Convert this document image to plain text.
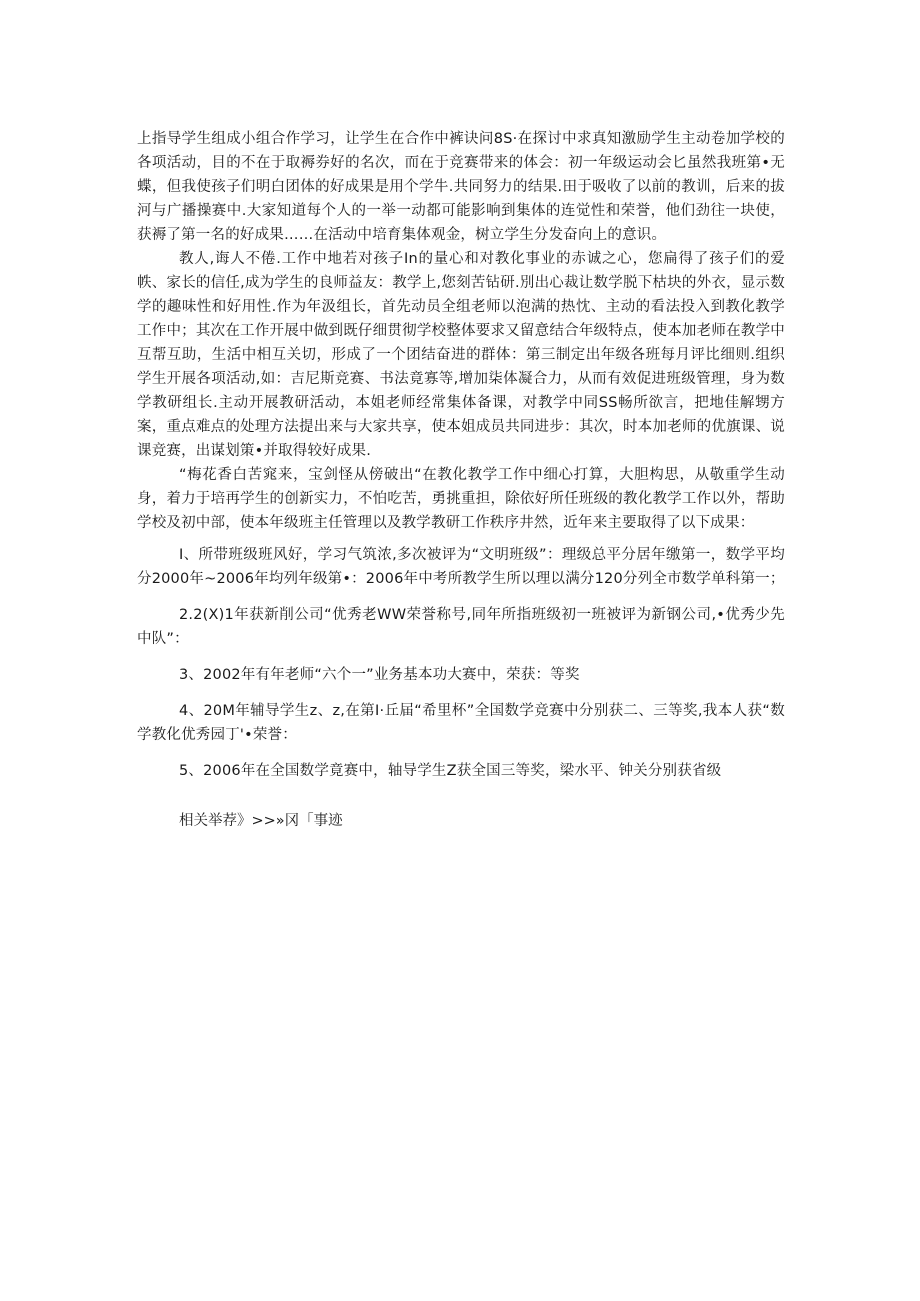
上指导学生组成小组合作学习，让学生在合作中裤诀问8S·在探讨中求真知激励学生主动卷加学校的各项活动，目的不在于取褥券好的名次，而在于竞赛带来的体会：初一年级运动会匕虽然我班第•无蝶，但我使孩子们明白团体的好成果是用个学牛.共同努力的结果.田于吸收了以前的教训，后来的拔河与广播操赛中.大家知道每个人的一举一动都可能影响到集体的连觉性和荣誉，他们劲往一块使，获褥了第一名的好成果……在活动中培育集体观金，树立学生分发奋向上的意识。

教人,诲人不倦.工作中地若对孩子In的量心和对教化事业的赤诚之心，您扁得了孩子们的爱帙、家长的信任,成为学生的良师益友：教学上,您刻苦钻研.別出心裁让数学脱下枯块的外衣，显示数学的趣味性和好用性.作为年汲组长，首先动员全组老师以泡满的热忱、主动的看法投入到教化教学工作中；其次在工作开展中做到既仔细贯彻学校整体要求又留意结合年级特点，使本加老师在教学中互帮互助，生活中相互关切，形成了一个团结奋进的群体：第三制定出年级各班每月评比细则.组织学生开展各项活动,如：吉尼斯竞赛、书法竟寡等,增加柒体凝合力，从而有效促进班级管理，身为数学教研组长.主动开展教研活动，本姐老师经常集体备课，对教学中同SS畅所欲言，把地佳解甥方案，重点难点的处理方法提出来与大家共享，使本姐成员共同进步：其次，时本加老师的优旗课、说课竞赛，出谋划策•并取得较好成果.

“梅花香白苦窕来，宝剑怪从傍破出“在教化教学工作中细心打算，大胆构思，从敬重学生动身，着力于培再学生的创新实力，不怕吃苦，勇挑重担，除依好所任班级的教化教学工作以外，帮助学校及初中部，使本年级班主任管理以及教学教研工作秩序井然，近年来主要取得了以下成果：

I、所带班级班风好，学习气筑浓,多次被评为“文明班级”：理级总平分居年缴第一，数学平均分2000年~2006年均列年级第•：2006年中考所教学生所以理以满分120分列全市数学单科第一；

2.2(X)1年获新削公司“优秀老WW荣誉称号,同年所指班级初一班被评为新钢公司,•优秀少先中队”：

3、2002年有年老师“六个一”业务基本功大赛中，荣获：等奖

4、20M年辅导学生z、z,在第I·丘届“希里杯”全国数学竞赛中分别获二、三等奖,我本人获“数学教化优秀园丁'•荣誉：

5、2006年在全国数学竟赛中，轴导学生Z获全国三等奖，梁水平、钟关分别获省级

相关举荐》>>»冈「事迹
